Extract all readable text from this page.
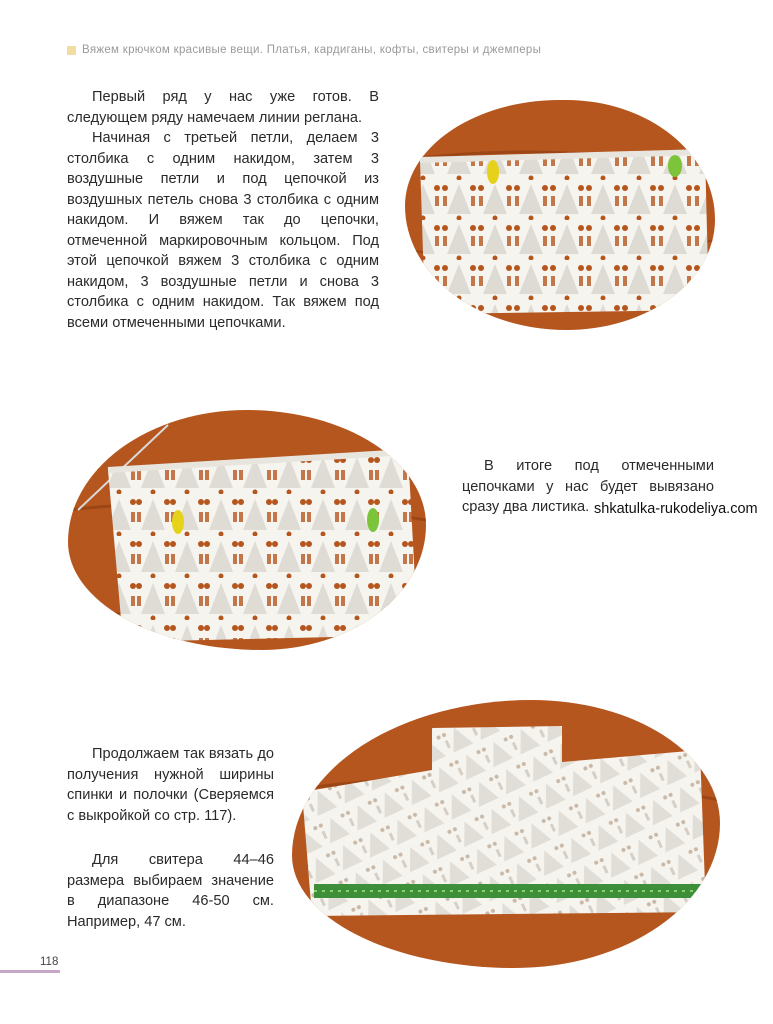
Вяжем крючком красивые вещи. Платья, кардиганы, кофты, свитеры и джемперы

Первый ряд у нас уже готов. В следующем ряду намечаем линии реглана.

Начиная с третьей петли, делаем 3 столбика с одним накидом, затем 3 воздушные петли и под цепочкой из воздушных петель снова 3 столбика с одним накидом. И вяжем так до цепочки, отмеченной маркировочным кольцом. Под этой цепочкой вяжем 3 столбика с одним накидом, 3 воздушные петли и снова 3 столбика с одним накидом. Так вяжем под всеми отмеченными цепочками.

В итоге под отмеченными цепочками у нас будет вывязано сразу два листика. shkatulka-rukodeliya.com

Продолжаем так вязать до получения нужной ширины спинки и полочки (Сверяемся с выкройкой со стр. 117).

Для свитера 44–46 размера выбираем значение в диапазоне 46-50 см. Например, 47 см.

118
